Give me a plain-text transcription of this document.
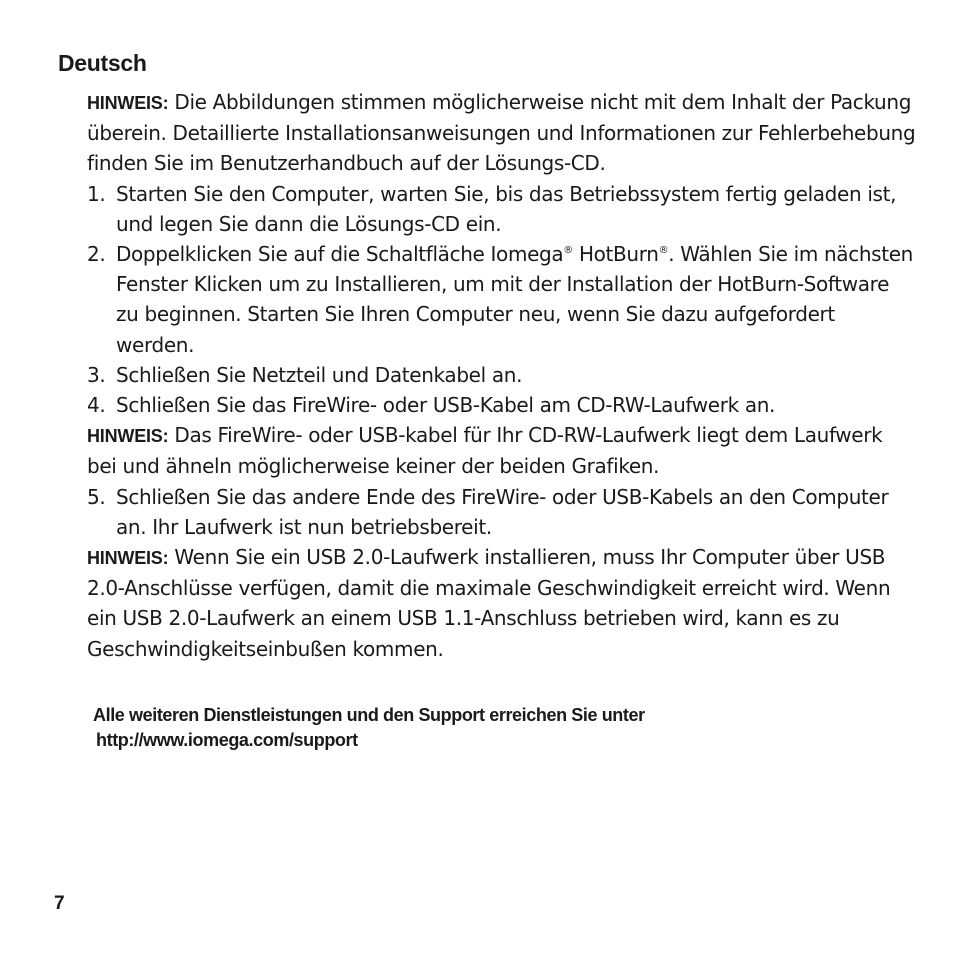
Deutsch

HINWEIS: Die Abbildungen stimmen möglicherweise nicht mit dem Inhalt der Packung überein. Detaillierte Installationsanweisungen und Informationen zur Fehlerbehebung finden Sie im Benutzerhandbuch auf der Lösungs-CD.

1. Starten Sie den Computer, warten Sie, bis das Betriebssystem fertig geladen ist, und legen Sie dann die Lösungs-CD ein.
2. Doppelklicken Sie auf die Schaltfläche Iomega® HotBurn®. Wählen Sie im nächsten Fenster Klicken um zu Installieren, um mit der Installation der HotBurn-Software zu beginnen. Starten Sie Ihren Computer neu, wenn Sie dazu aufgefordert werden.
3. Schließen Sie Netzteil und Datenkabel an.
4. Schließen Sie das FireWire- oder USB-Kabel am CD-RW-Laufwerk an.

HINWEIS: Das FireWire- oder USB-kabel für Ihr CD-RW-Laufwerk liegt dem Laufwerk bei und ähneln möglicherweise keiner der beiden Grafiken.

5. Schließen Sie das andere Ende des FireWire- oder USB-Kabels an den Computer an. Ihr Laufwerk ist nun betriebsbereit.

HINWEIS: Wenn Sie ein USB 2.0-Laufwerk installieren, muss Ihr Computer über USB 2.0-Anschlüsse verfügen, damit die maximale Geschwindigkeit erreicht wird. Wenn ein USB 2.0-Laufwerk an einem USB 1.1-Anschluss betrieben wird, kann es zu Geschwindigkeitseinbußen kommen.

Alle weiteren Dienstleistungen und den Support erreichen Sie unter
http://www.iomega.com/support
7
